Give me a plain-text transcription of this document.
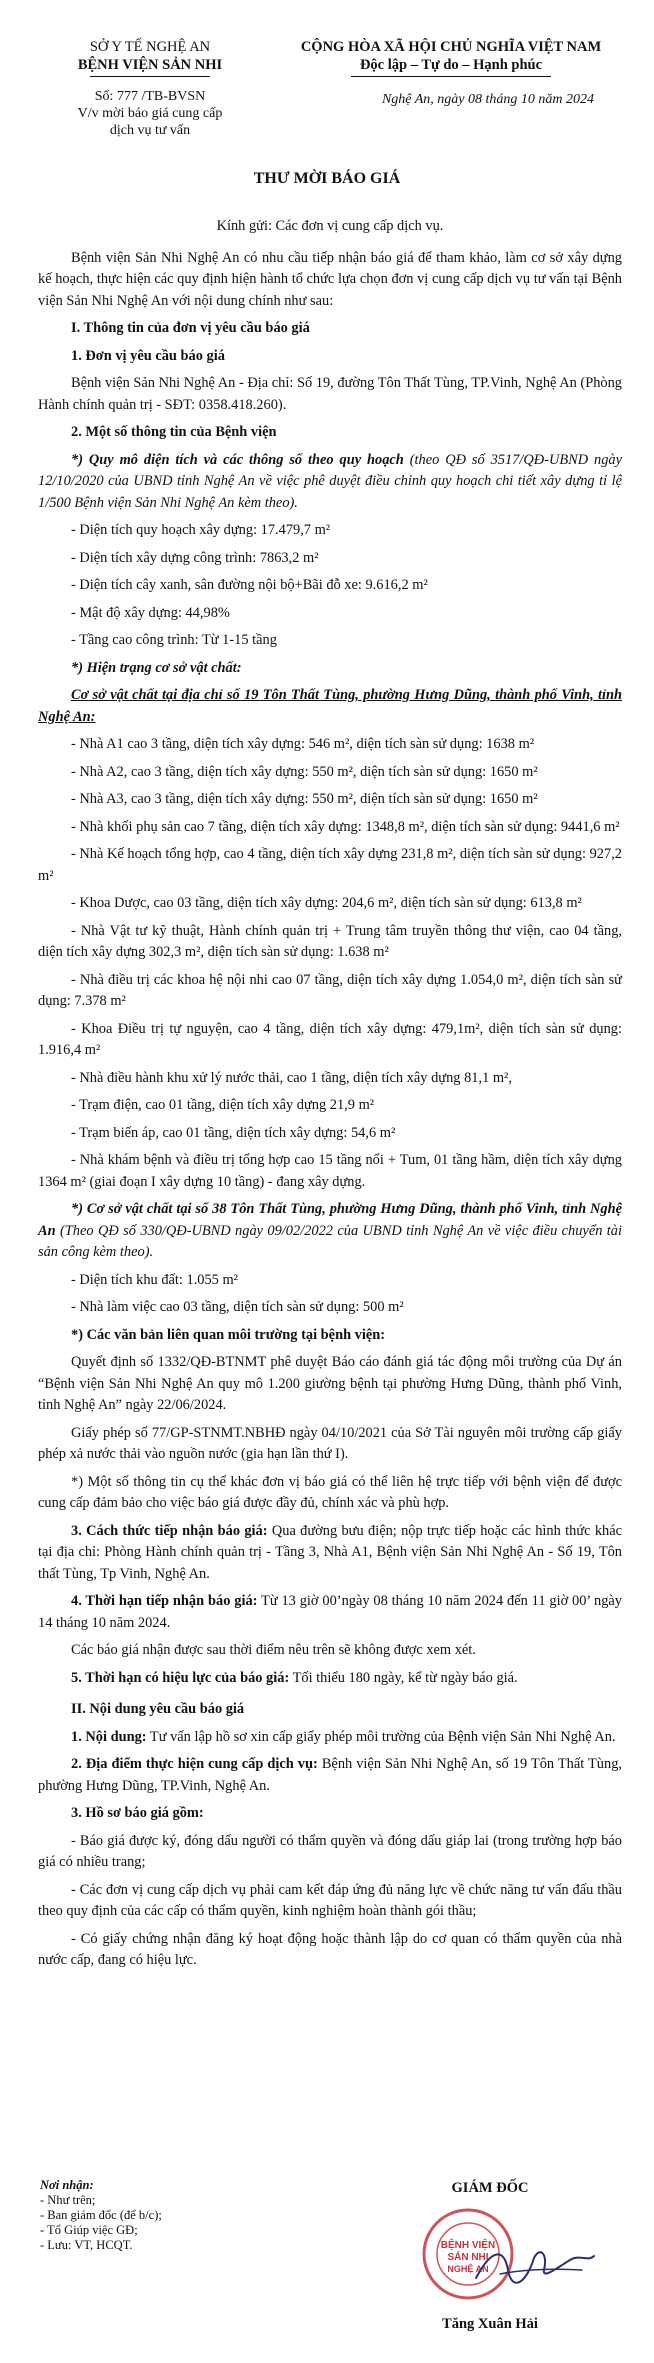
SỞ Y TẾ NGHỆ AN
BỆNH VIỆN SẢN NHI
CỘNG HÒA XÃ HỘI CHỦ NGHĨA VIỆT NAM
Độc lập – Tự do – Hạnh phúc
Số: 777 /TB-BVSN
V/v mời báo giá cung cấp
dịch vụ tư vấn
Nghệ An, ngày 08 tháng 10 năm 2024
THƯ MỜI BÁO GIÁ

Kính gửi: Các đơn vị cung cấp dịch vụ.

Bệnh viện Sản Nhi Nghệ An có nhu cầu tiếp nhận báo giá để tham khảo, làm cơ sở xây dựng kế hoạch, thực hiện các quy định hiện hành tổ chức lựa chọn đơn vị cung cấp dịch vụ tư vấn tại Bệnh viện Sản Nhi Nghệ An với nội dung chính như sau:

I. Thông tin của đơn vị yêu cầu báo giá

1. Đơn vị yêu cầu báo giá

Bệnh viện Sản Nhi Nghệ An - Địa chỉ: Số 19, đường Tôn Thất Tùng, TP.Vinh, Nghệ An (Phòng Hành chính quản trị - SĐT: 0358.418.260).

2. Một số thông tin của Bệnh viện

*) Quy mô diện tích và các thông số theo quy hoạch (theo QĐ số 3517/QĐ-UBND ngày 12/10/2020 của UBND tỉnh Nghệ An về việc phê duyệt điều chỉnh quy hoạch chi tiết xây dựng tỉ lệ 1/500 Bệnh viện Sản Nhi Nghệ An kèm theo).

- Diện tích quy hoạch xây dựng: 17.479,7 m²

- Diện tích xây dựng công trình: 7863,2 m²

- Diện tích cây xanh, sân đường nội bộ+Bãi đỗ xe: 9.616,2 m²

- Mật độ xây dựng: 44,98%

- Tầng cao công trình: Từ 1-15 tầng

*) Hiện trạng cơ sở vật chất:

Cơ sở vật chất tại địa chỉ số 19 Tôn Thất Tùng, phường Hưng Dũng, thành phố Vinh, tỉnh Nghệ An:

- Nhà A1 cao 3 tầng, diện tích xây dựng: 546 m², diện tích sàn sử dụng: 1638 m²

- Nhà A2, cao 3 tầng, diện tích xây dựng: 550 m², diện tích sàn sử dụng: 1650 m²

- Nhà A3, cao 3 tầng, diện tích xây dựng: 550 m², diện tích sàn sử dụng: 1650 m²

- Nhà khối phụ sản cao 7 tầng, diện tích xây dựng: 1348,8 m², diện tích sàn sử dụng: 9441,6 m²

- Nhà Kế hoạch tổng hợp, cao 4 tầng, diện tích xây dựng 231,8 m², diện tích sàn sử dụng: 927,2 m²

- Khoa Dược, cao 03 tầng, diện tích xây dựng: 204,6 m², diện tích sàn sử dụng: 613,8 m²

- Nhà Vật tư kỹ thuật, Hành chính quản trị + Trung tâm truyền thông thư viện, cao 04 tầng, diện tích xây dựng 302,3 m², diện tích sàn sử dụng: 1.638 m²

- Nhà điều trị các khoa hệ nội nhi cao 07 tầng, diện tích xây dựng 1.054,0 m², diện tích sàn sử dụng: 7.378 m²

- Khoa Điều trị tự nguyện, cao 4 tầng, diện tích xây dựng: 479,1m², diện tích sàn sử dụng: 1.916,4 m²

- Nhà điều hành khu xử lý nước thải, cao 1 tầng, diện tích xây dựng 81,1 m²,

- Trạm điện, cao 01 tầng, diện tích xây dựng 21,9 m²

- Trạm biến áp, cao 01 tầng, diện tích xây dựng: 54,6 m²

- Nhà khám bệnh và điều trị tổng hợp cao 15 tầng nổi + Tum, 01 tầng hầm, diện tích xây dựng 1364 m² (giai đoạn I xây dựng 10 tầng) - đang xây dựng.

*) Cơ sở vật chất tại số 38 Tôn Thất Tùng, phường Hưng Dũng, thành phố Vinh, tỉnh Nghệ An (Theo QĐ số 330/QĐ-UBND ngày 09/02/2022 của UBND tỉnh Nghệ An về việc điều chuyển tài sản công kèm theo).

- Diện tích khu đất: 1.055 m²

- Nhà làm việc cao 03 tầng, diện tích sàn sử dụng: 500 m²

*) Các văn bản liên quan môi trường tại bệnh viện:

Quyết định số 1332/QĐ-BTNMT phê duyệt Báo cáo đánh giá tác động môi trường của Dự án “Bệnh viện Sản Nhi Nghệ An quy mô 1.200 giường bệnh tại phường Hưng Dũng, thành phố Vinh, tỉnh Nghệ An” ngày 22/06/2024.

Giấy phép số 77/GP-STNMT.NBHĐ ngày 04/10/2021 của Sở Tài nguyên môi trường cấp giấy phép xả nước thải vào nguồn nước (gia hạn lần thứ I).

*) Một số thông tin cụ thể khác đơn vị báo giá có thể liên hệ trực tiếp với bệnh viện để được cung cấp đảm bảo cho việc báo giá được đầy đủ, chính xác và phù hợp.

3. Cách thức tiếp nhận báo giá: Qua đường bưu điện; nộp trực tiếp hoặc các hình thức khác tại địa chỉ: Phòng Hành chính quản trị - Tầng 3, Nhà A1, Bệnh viện Sản Nhi Nghệ An - Số 19, Tôn thất Tùng, Tp Vinh, Nghệ An.

4. Thời hạn tiếp nhận báo giá: Từ 13 giờ 00’ngày 08 tháng 10 năm 2024 đến 11 giờ 00’ ngày 14 tháng 10 năm 2024.

Các báo giá nhận được sau thời điểm nêu trên sẽ không được xem xét.

5. Thời hạn có hiệu lực của báo giá: Tối thiểu 180 ngày, kể từ ngày báo giá.

II. Nội dung yêu cầu báo giá

1. Nội dung: Tư vấn lập hồ sơ xin cấp giấy phép môi trường của Bệnh viện Sản Nhi Nghệ An.

2. Địa điểm thực hiện cung cấp dịch vụ: Bệnh viện Sản Nhi Nghệ An, số 19 Tôn Thất Tùng, phường Hưng Dũng, TP.Vinh, Nghệ An.

3. Hồ sơ báo giá gồm:

- Báo giá được ký, đóng dấu người có thẩm quyền và đóng dấu giáp lai (trong trường hợp báo giá có nhiều trang;

- Các đơn vị cung cấp dịch vụ phải cam kết đáp ứng đủ năng lực về chức năng tư vấn đấu thầu theo quy định của các cấp có thẩm quyền, kinh nghiệm hoàn thành gói thầu;

- Có giấy chứng nhận đăng ký hoạt động hoặc thành lập do cơ quan có thẩm quyền của nhà nước cấp, đang có hiệu lực.

Nơi nhận:
- Như trên;
- Ban giám đốc (để b/c);
- Tổ Giúp việc GĐ;
- Lưu: VT, HCQT.
GIÁM ĐỐC
BỆNH VIỆN
SẢN NHI
NGHỆ AN
Tăng Xuân Hải
